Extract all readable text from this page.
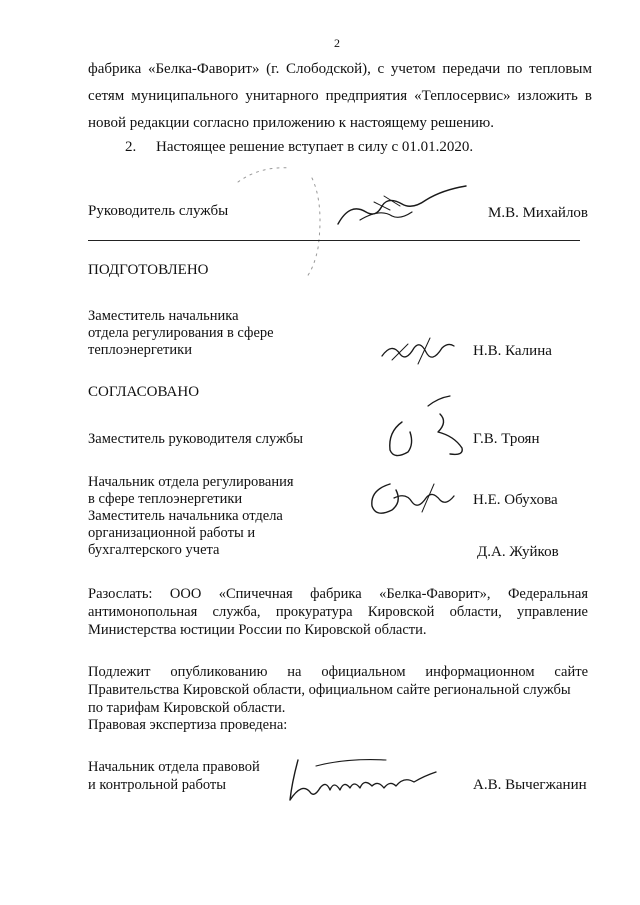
2
фабрика «Белка-Фаворит» (г. Слободской), с учетом передачи по тепловым
сетям муниципального унитарного предприятия «Теплосервис» изложить в
новой редакции согласно приложению к настоящему решению.
2. Настоящее решение вступает в силу с 01.01.2020.
Руководитель службы	М.В. Михайлов
ПОДГОТОВЛЕНО
Заместитель начальника
отдела регулирования в сфере
теплоэнергетики	Н.В. Калина
СОГЛАСОВАНО
Заместитель руководителя службы	Г.В. Троян
Начальник отдела регулирования
в сфере теплоэнергетики	Н.Е. Обухова
Заместитель начальника отдела
организационной работы и
бухгалтерского учета	Д.А. Жуйков
Разослать: ООО «Спичечная фабрика «Белка-Фаворит», Федеральная
антимонопольная служба, прокуратура Кировской области, управление
Министерства юстиции России по Кировской области.
Подлежит опубликованию на официальном информационном сайте
Правительства Кировской области, официальном сайте региональной службы
по тарифам Кировской области.
Правовая экспертиза проведена:
Начальник отдела правовой
и контрольной работы	А.В. Вычегжанин
